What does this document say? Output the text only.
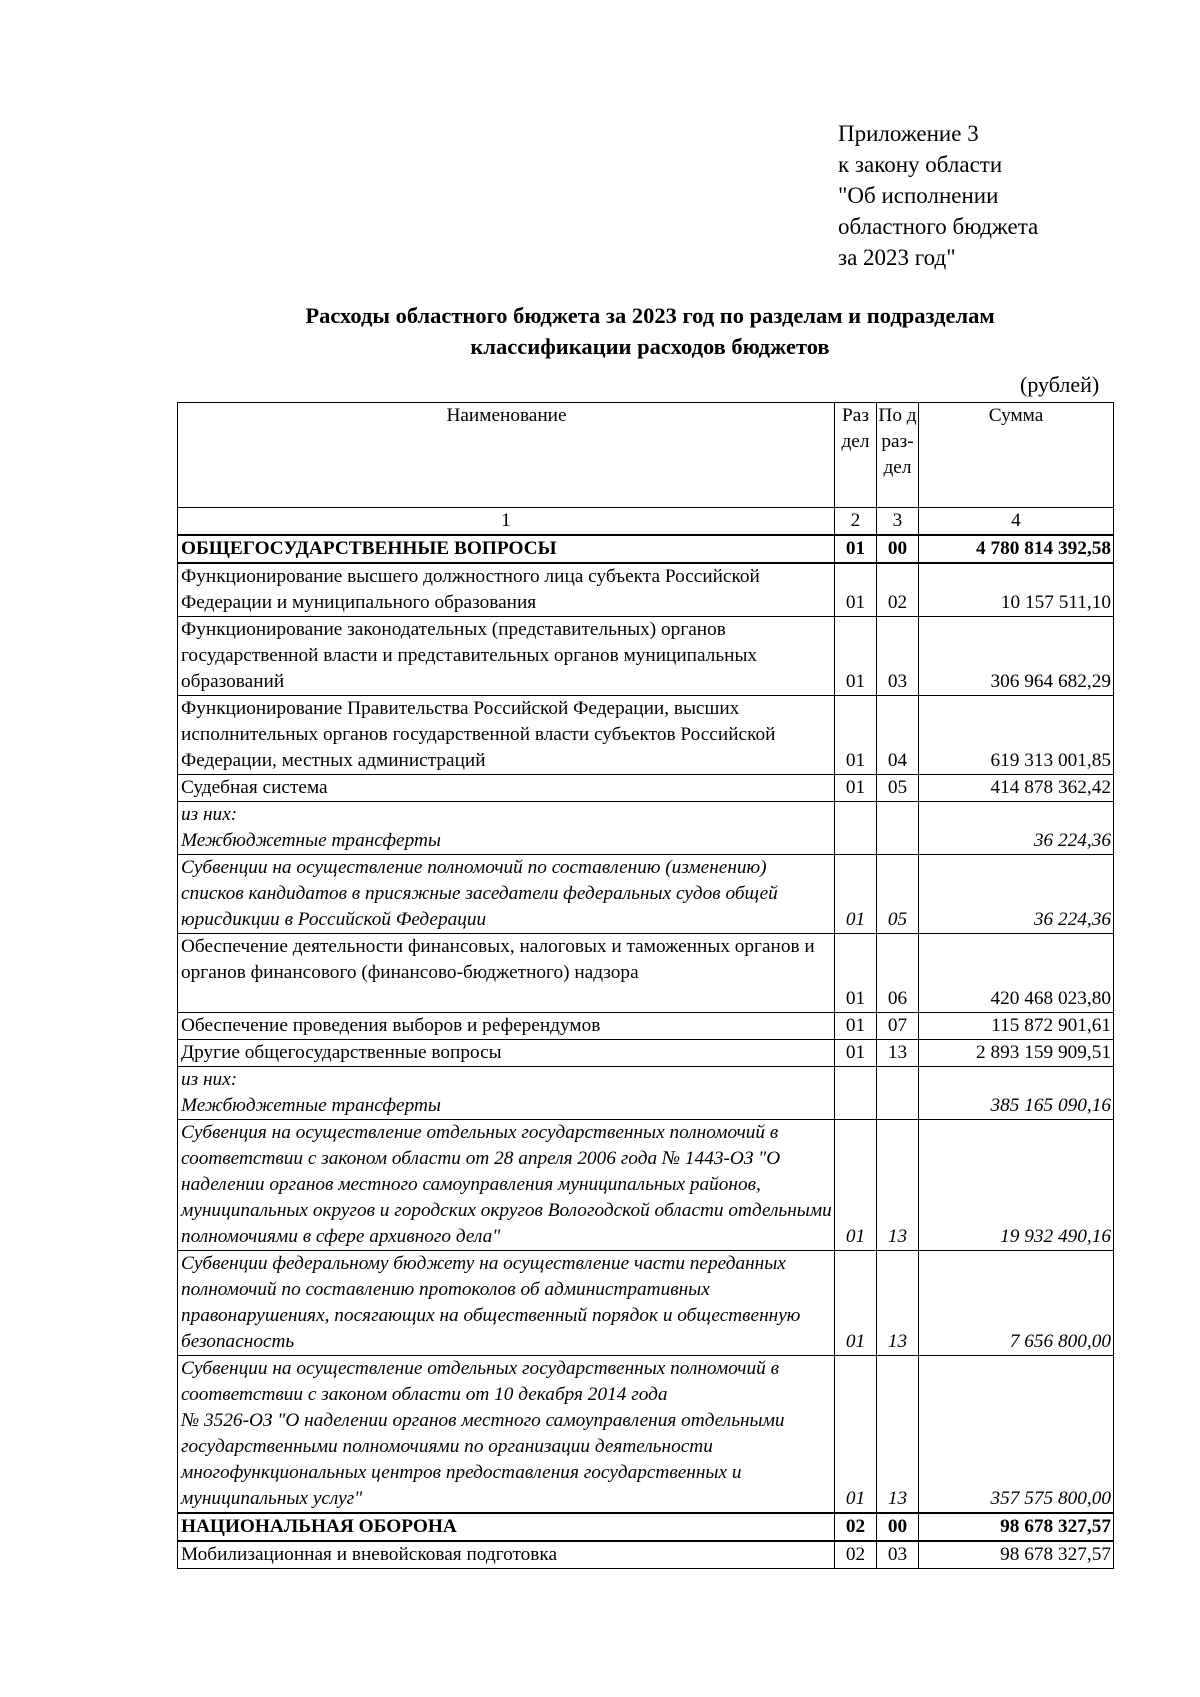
Приложение 3
к закону области
"Об исполнении
областного бюджета
за 2023 год"
Расходы областного бюджета за 2023 год по разделам и подразделам
классификации расходов бюджетов
(рублей)
Наименование	Раз дел	По д раз- дел	Сумма
1	2	3	4
ОБЩЕГОСУДАРСТВЕННЫЕ ВОПРОСЫ	01	00	4 780 814 392,58
Функционирование высшего должностного лица субъекта Российской Федерации и муниципального образования	01	02	10 157 511,10
Функционирование законодательных (представительных) органов государственной власти и представительных органов муниципальных образований	01	03	306 964 682,29
Функционирование Правительства Российской Федерации, высших исполнительных органов государственной власти субъектов Российской Федерации, местных администраций	01	04	619 313 001,85
Судебная система	01	05	414 878 362,42
из них:
Межбюджетные трансферты			36 224,36
Субвенции на осуществление полномочий по составлению (изменению) списков кандидатов в присяжные заседатели федеральных судов общей юрисдикции в Российской Федерации	01	05	36 224,36
Обеспечение деятельности финансовых, налоговых и таможенных органов и органов финансового (финансово-бюджетного) надзора	01	06	420 468 023,80
Обеспечение проведения выборов и референдумов	01	07	115 872 901,61
Другие общегосударственные вопросы	01	13	2 893 159 909,51
из них:
Межбюджетные трансферты			385 165 090,16
Субвенция на осуществление отдельных государственных полномочий в соответствии с законом области от 28 апреля 2006 года № 1443-ОЗ "О наделении органов местного самоуправления муниципальных районов, муниципальных округов и городских округов Вологодской области отдельными полномочиями в сфере архивного дела"	01	13	19 932 490,16
Субвенции федеральному бюджету на осуществление части переданных полномочий по составлению протоколов об административных правонарушениях, посягающих на общественный порядок и общественную безопасность	01	13	7 656 800,00
Субвенции на осуществление отдельных государственных полномочий в соответствии с законом области от 10 декабря 2014 года
№ 3526-ОЗ "О наделении органов местного самоуправления отдельными государственными полномочиями по организации деятельности многофункциональных центров предоставления государственных и муниципальных услуг"	01	13	357 575 800,00
НАЦИОНАЛЬНАЯ ОБОРОНА	02	00	98 678 327,57
Мобилизационная и вневойсковая подготовка	02	03	98 678 327,57
